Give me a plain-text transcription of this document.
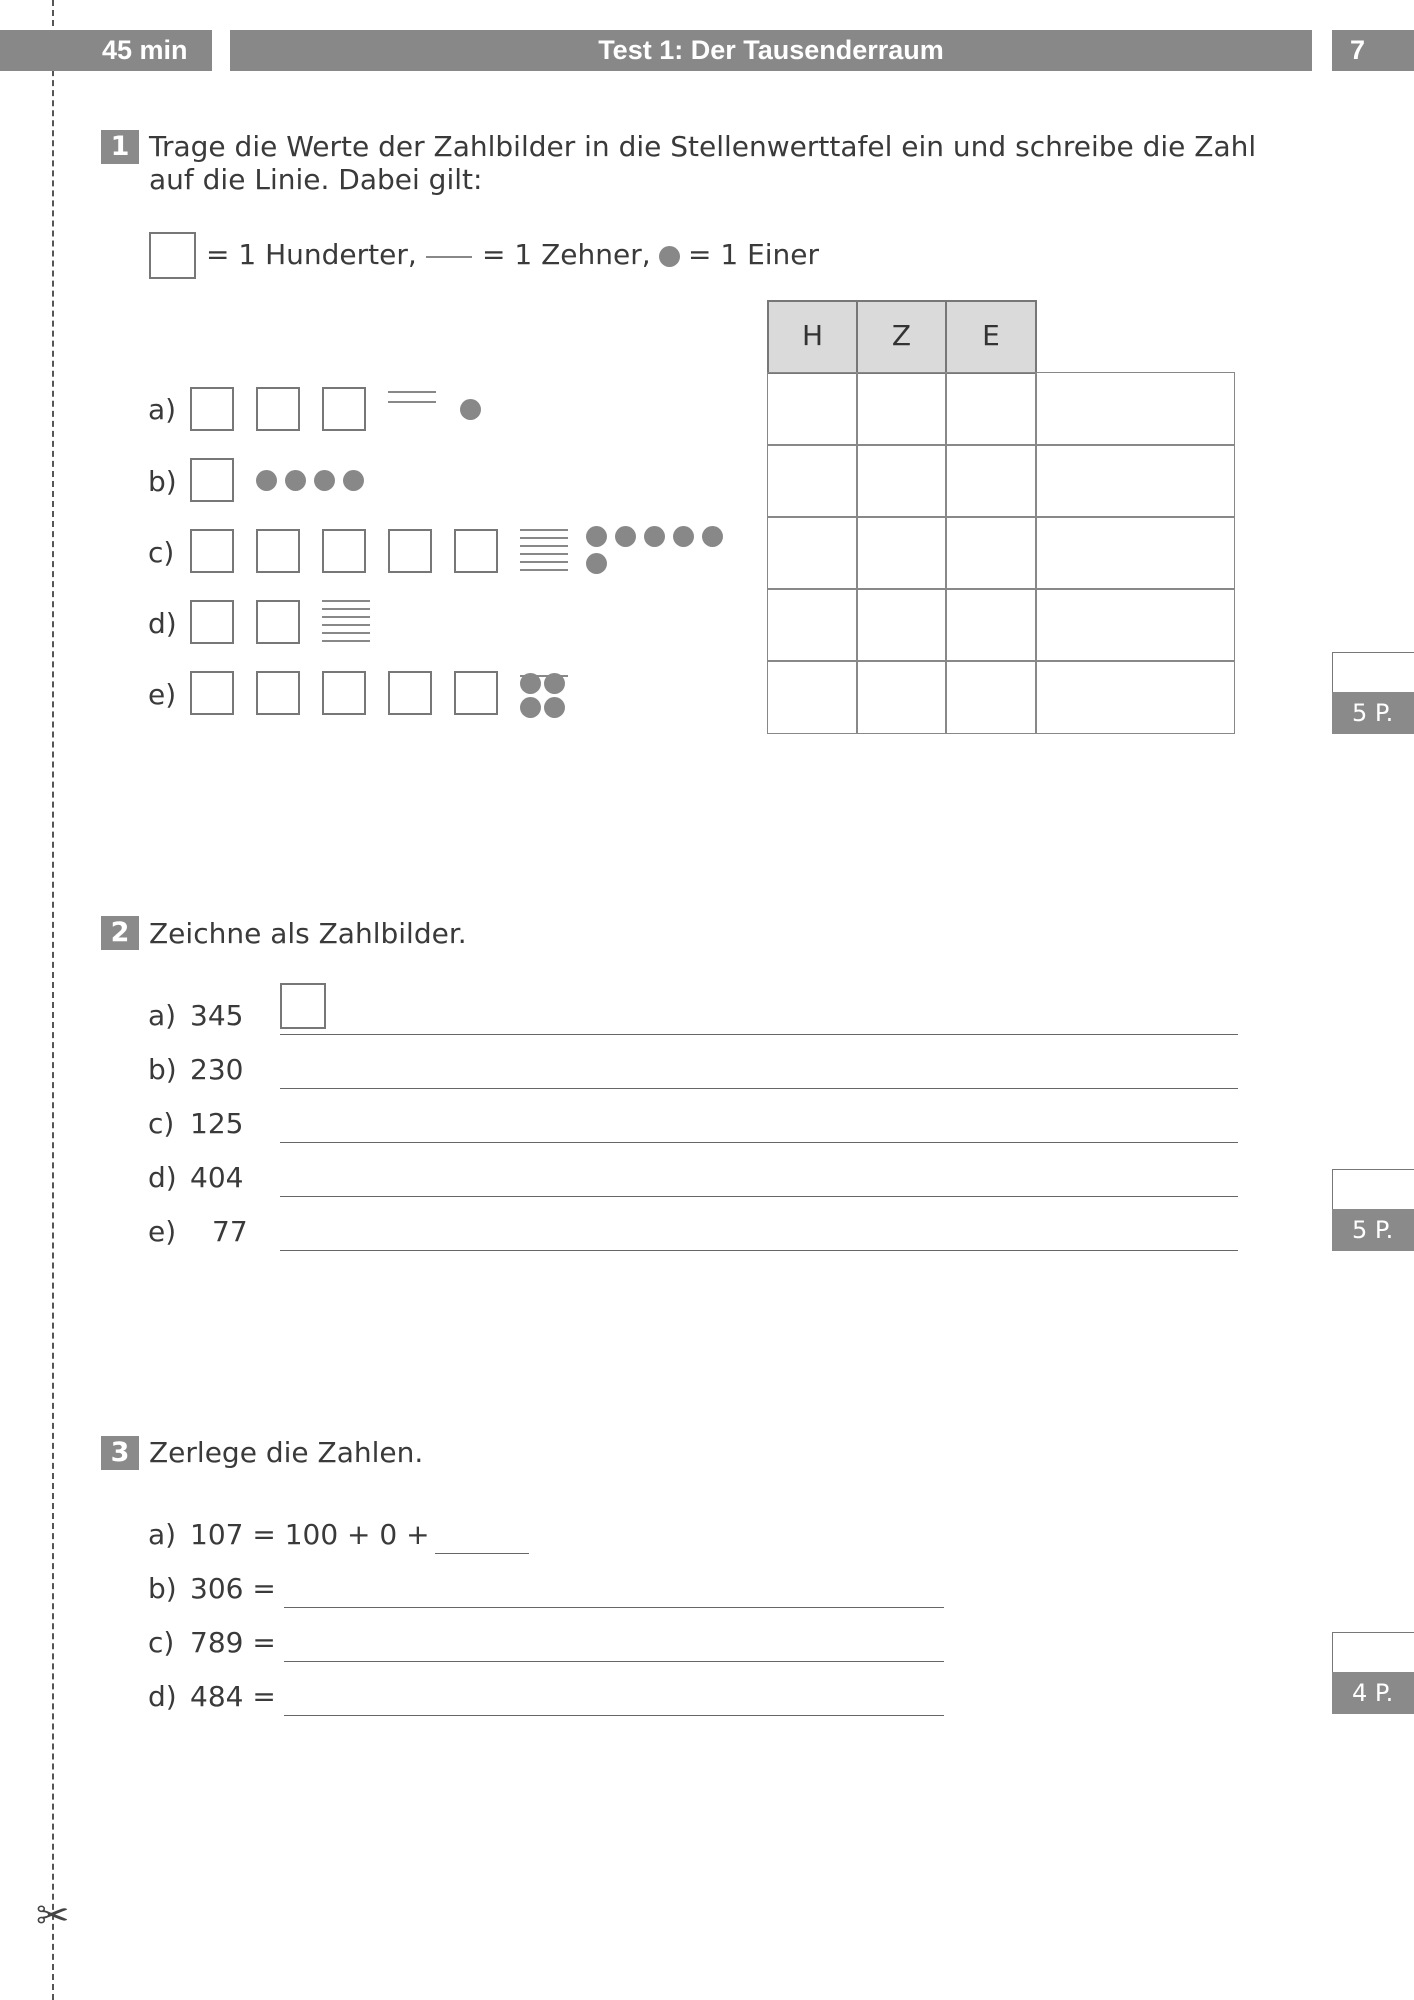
✂
45 min	Test 1: Der Tausenderraum	7
1 Trage die Werte der Zahlbilder in die Stellenwerttafel ein und schreibe die Zahl
auf die Linie. Dabei gilt:
= 1 Hunderter, = 1 Zehner, = 1 Einer
H	Z	E
a)
b)
c)
d)
e)
5 P.
2 Zeichne als Zahlbilder.
a) 345
b) 230
c) 125
d) 404
e) 77	5 P.
3 Zerlege die Zahlen.
a) 107 = 100 + 0 +
b) 306 =
c) 789 =
d) 484 =	4 P.
